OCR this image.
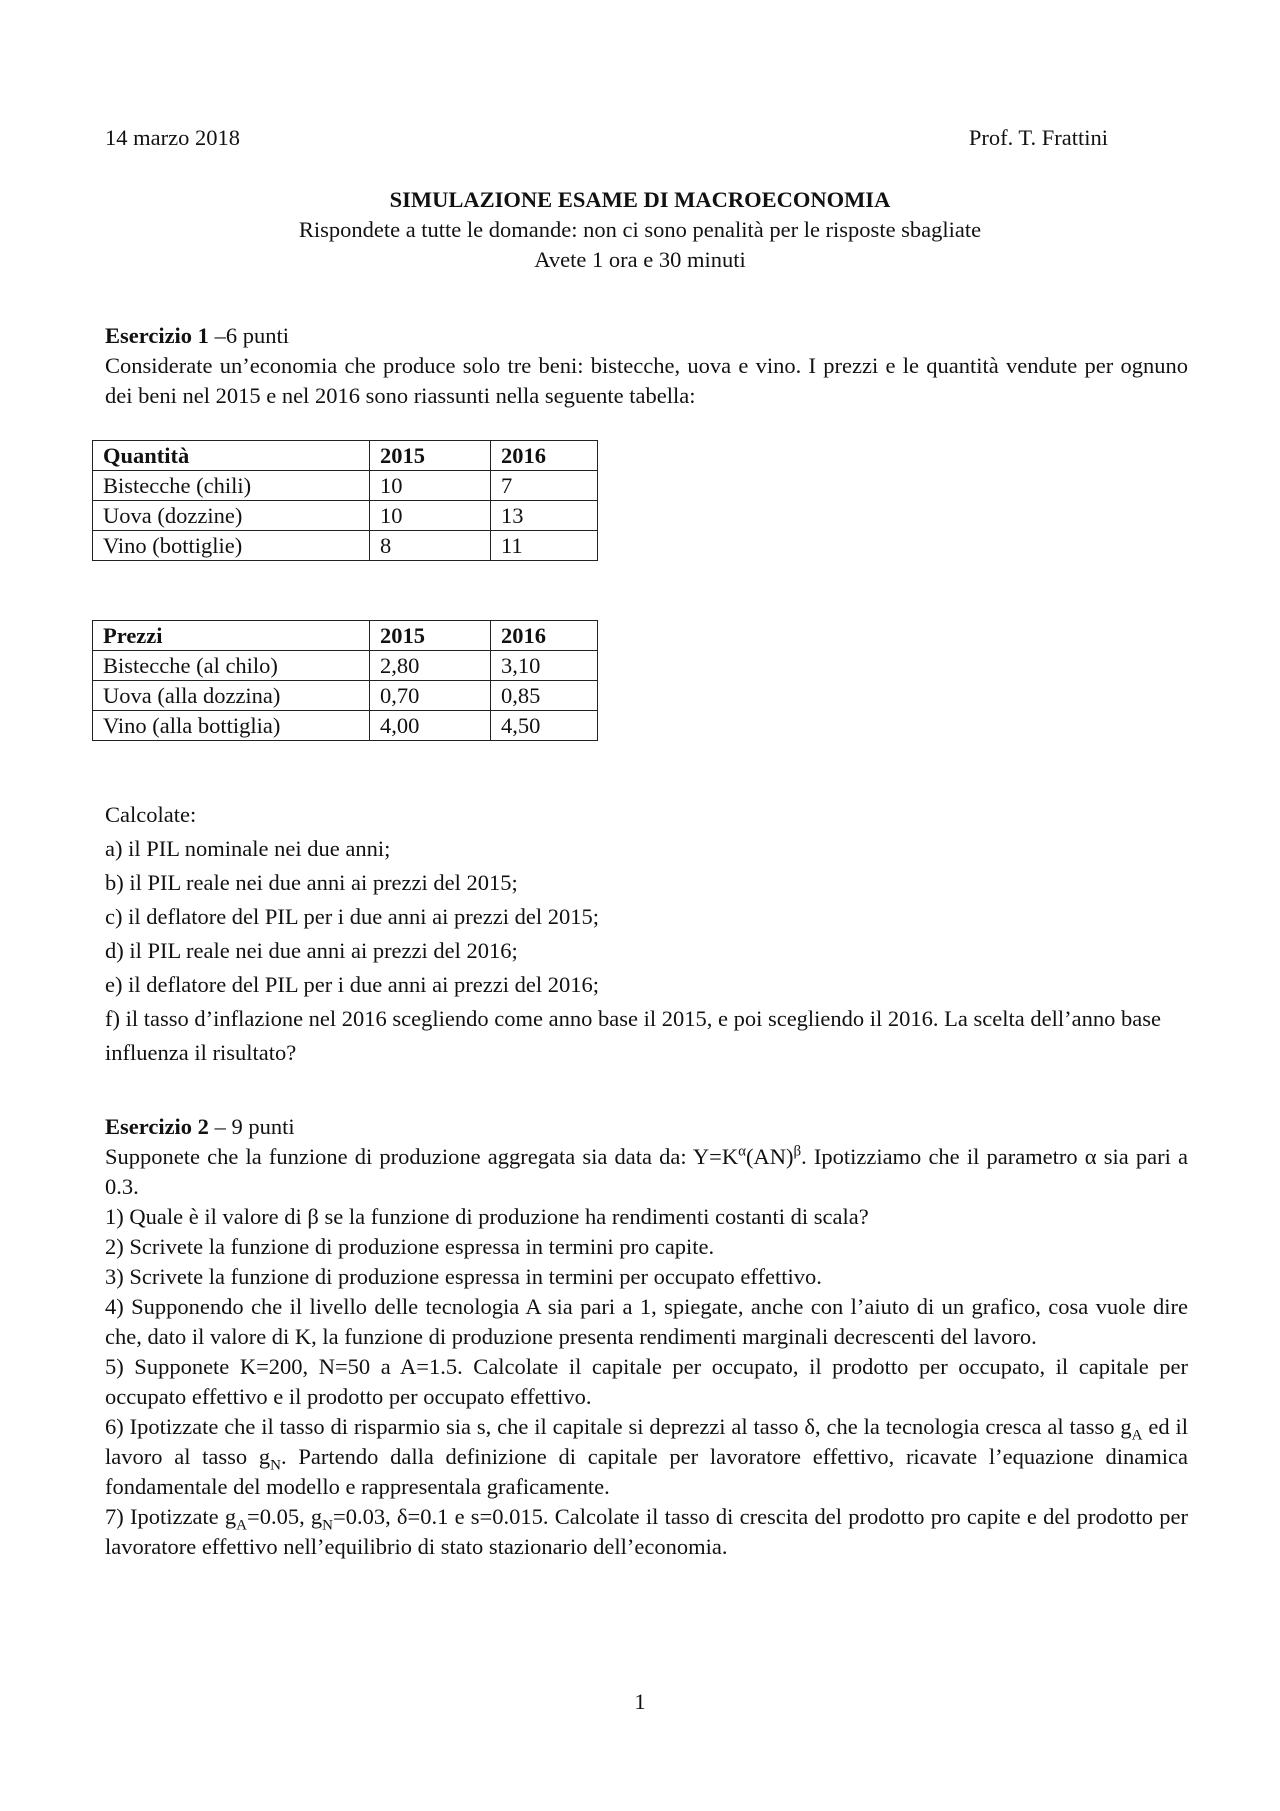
14 marzo 2018	Prof. T. Frattini
SIMULAZIONE ESAME DI MACROECONOMIA
Rispondete a tutte le domande: non ci sono penalità per le risposte sbagliate
Avete 1 ora e 30 minuti
Esercizio 1 –6 punti
Considerate un’economia che produce solo tre beni: bistecche, uova e vino. I prezzi e le quantità vendute per ognuno dei beni nel 2015 e nel 2016 sono riassunti nella seguente tabella:
Quantità	2015	2016
Bistecche (chili)	10	7
Uova (dozzine)	10	13
Vino (bottiglie)	8	11
Prezzi	2015	2016
Bistecche (al chilo)	2,80	3,10
Uova (alla dozzina)	0,70	0,85
Vino (alla bottiglia)	4,00	4,50

Calcolate:

a) il PIL nominale nei due anni;

b) il PIL reale nei due anni ai prezzi del 2015;

c) il deflatore del PIL per i due anni ai prezzi del 2015;

d) il PIL reale nei due anni ai prezzi del 2016;

e) il deflatore del PIL per i due anni ai prezzi del 2016;

f) il tasso d’inflazione nel 2016 scegliendo come anno base il 2015, e poi scegliendo il 2016. La scelta dell’anno base influenza il risultato?

Esercizio 2 – 9 punti

Supponete che la funzione di produzione aggregata sia data da: $Y=K^\alpha(AN)^\beta$. Ipotizziamo che il parametro α sia pari a 0.3.

1) Quale è il valore di β se la funzione di produzione ha rendimenti costanti di scala?

2) Scrivete la funzione di produzione espressa in termini pro capite.

3) Scrivete la funzione di produzione espressa in termini per occupato effettivo.

4) Supponendo che il livello delle tecnologia A sia pari a 1, spiegate, anche con l’aiuto di un grafico, cosa vuole dire che, dato il valore di K, la funzione di produzione presenta rendimenti marginali decrescenti del lavoro.

5) Supponete K=200, N=50 a A=1.5. Calcolate il capitale per occupato, il prodotto per occupato, il capitale per occupato effettivo e il prodotto per occupato effettivo.

6) Ipotizzate che il tasso di risparmio sia s, che il capitale si deprezzi al tasso δ, che la tecnologia cresca al tasso $g_A$ ed il lavoro al tasso $g_N$. Partendo dalla definizione di capitale per lavoratore effettivo, ricavate l’equazione dinamica fondamentale del modello e rappresentala graficamente.

7) Ipotizzate $g_A=0.05$, $g_N=0.03$, δ=0.1 e s=0.015. Calcolate il tasso di crescita del prodotto pro capite e del prodotto per lavoratore effettivo nell’equilibrio di stato stazionario dell’economia.

1
